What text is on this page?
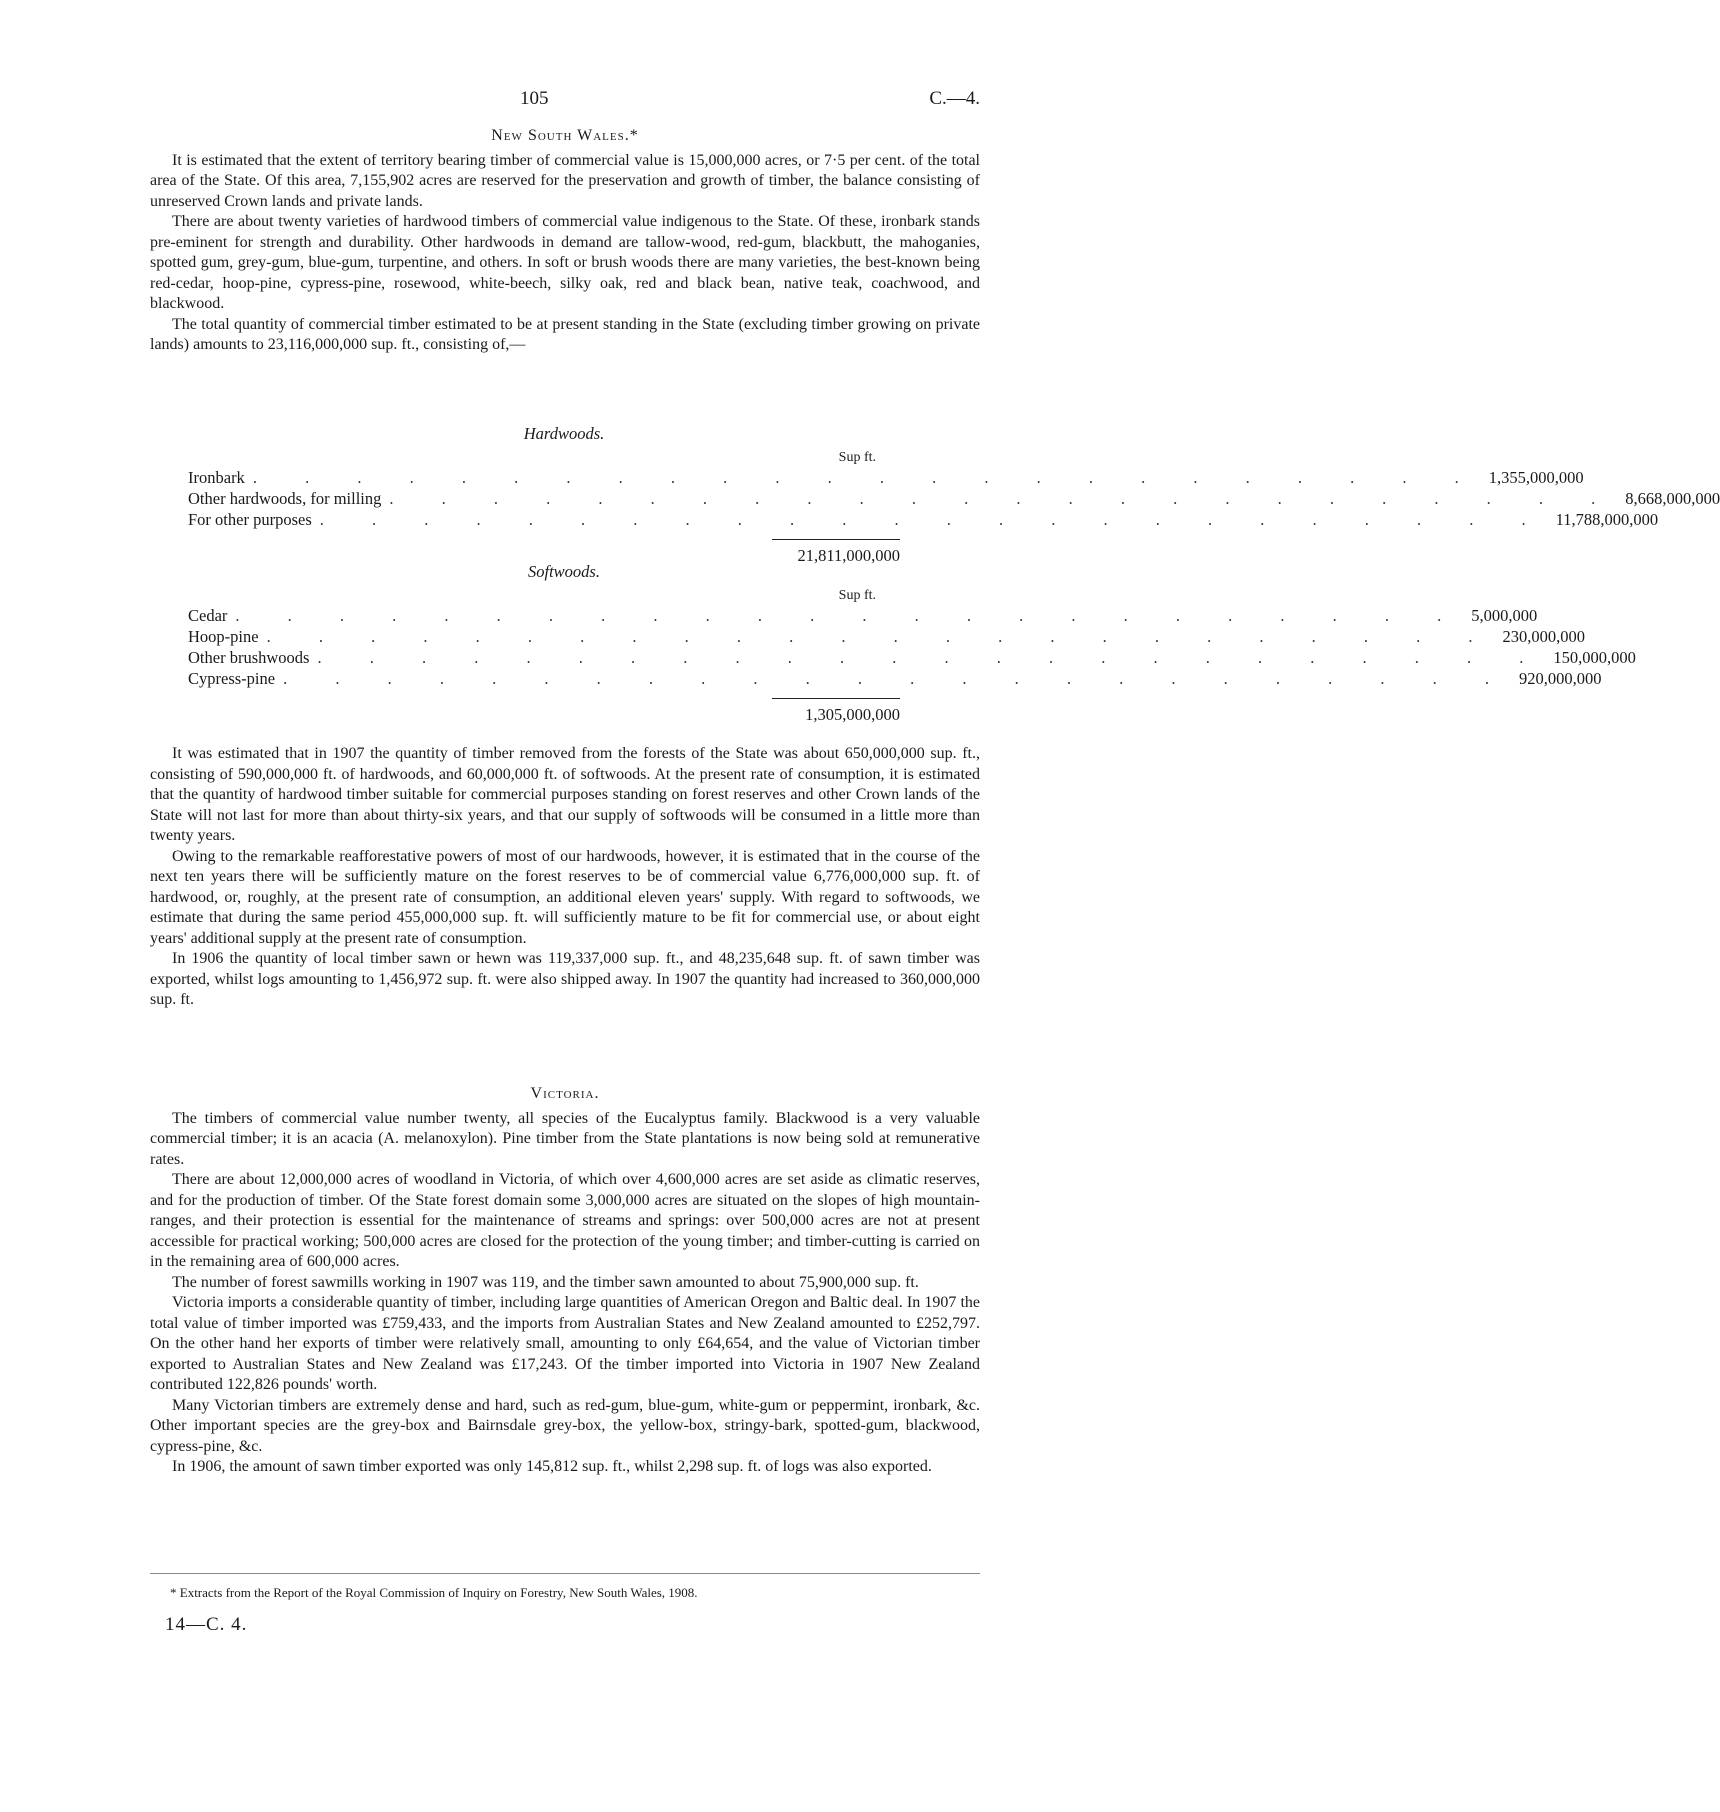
105	C.—4.
New South Wales.*

It is estimated that the extent of territory bearing timber of commercial value is 15,000,000 acres, or 7·5 per cent. of the total area of the State. Of this area, 7,155,902 acres are reserved for the preservation and growth of timber, the balance consisting of unreserved Crown lands and private lands.

There are about twenty varieties of hardwood timbers of commercial value indigenous to the State. Of these, ironbark stands pre-eminent for strength and durability. Other hardwoods in demand are tallow-wood, red-gum, blackbutt, the mahoganies, spotted gum, grey-gum, blue-gum, turpentine, and others. In soft or brush woods there are many varieties, the best-known being red-cedar, hoop-pine, cypress-pine, rosewood, white-beech, silky oak, red and black bean, native teak, coachwood, and blackwood.

The total quantity of commercial timber estimated to be at present standing in the State (excluding timber growing on private lands) amounts to 23,116,000,000 sup. ft., consisting of,—

Hardwoods.
Sup ft.
Ironbark . . . . . . . . . . . . . . . . . . . . . . . . 1,355,000,000
Other hardwoods, for milling . . . . . . . . . . . . . . . . . . . . . . . . 8,668,000,000
For other purposes . . . . . . . . . . . . . . . . . . . . . . . . 11,788,000,000
21,811,000,000
Softwoods.
Sup ft.
Cedar . . . . . . . . . . . . . . . . . . . . . . . . 5,000,000
Hoop-pine . . . . . . . . . . . . . . . . . . . . . . . . 230,000,000
Other brushwoods . . . . . . . . . . . . . . . . . . . . . . . . 150,000,000
Cypress-pine . . . . . . . . . . . . . . . . . . . . . . . . 920,000,000
1,305,000,000

It was estimated that in 1907 the quantity of timber removed from the forests of the State was about 650,000,000 sup. ft., consisting of 590,000,000 ft. of hardwoods, and 60,000,000 ft. of softwoods. At the present rate of consumption, it is estimated that the quantity of hardwood timber suitable for commercial purposes standing on forest reserves and other Crown lands of the State will not last for more than about thirty-six years, and that our supply of softwoods will be consumed in a little more than twenty years.

Owing to the remarkable reafforestative powers of most of our hardwoods, however, it is estimated that in the course of the next ten years there will be sufficiently mature on the forest reserves to be of commercial value 6,776,000,000 sup. ft. of hardwood, or, roughly, at the present rate of consumption, an additional eleven years' supply. With regard to softwoods, we estimate that during the same period 455,000,000 sup. ft. will sufficiently mature to be fit for commercial use, or about eight years' additional supply at the present rate of consumption.

In 1906 the quantity of local timber sawn or hewn was 119,337,000 sup. ft., and 48,235,648 sup. ft. of sawn timber was exported, whilst logs amounting to 1,456,972 sup. ft. were also shipped away. In 1907 the quantity had increased to 360,000,000 sup. ft.

Victoria.

The timbers of commercial value number twenty, all species of the Eucalyptus family. Blackwood is a very valuable commercial timber; it is an acacia (A. melanoxylon). Pine timber from the State plantations is now being sold at remunerative rates.

There are about 12,000,000 acres of woodland in Victoria, of which over 4,600,000 acres are set aside as climatic reserves, and for the production of timber. Of the State forest domain some 3,000,000 acres are situated on the slopes of high mountain-ranges, and their protection is essential for the maintenance of streams and springs: over 500,000 acres are not at present accessible for practical working; 500,000 acres are closed for the protection of the young timber; and timber-cutting is carried on in the remaining area of 600,000 acres.

The number of forest sawmills working in 1907 was 119, and the timber sawn amounted to about 75,900,000 sup. ft.

Victoria imports a considerable quantity of timber, including large quantities of American Oregon and Baltic deal. In 1907 the total value of timber imported was £759,433, and the imports from Australian States and New Zealand amounted to £252,797. On the other hand her exports of timber were relatively small, amounting to only £64,654, and the value of Victorian timber exported to Australian States and New Zealand was £17,243. Of the timber imported into Victoria in 1907 New Zealand contributed 122,826 pounds' worth.

Many Victorian timbers are extremely dense and hard, such as red-gum, blue-gum, white-gum or peppermint, ironbark, &c. Other important species are the grey-box and Bairnsdale grey-box, the yellow-box, stringy-bark, spotted-gum, blackwood, cypress-pine, &c.

In 1906, the amount of sawn timber exported was only 145,812 sup. ft., whilst 2,298 sup. ft. of logs was also exported.

* Extracts from the Report of the Royal Commission of Inquiry on Forestry, New South Wales, 1908.
14—C. 4.
